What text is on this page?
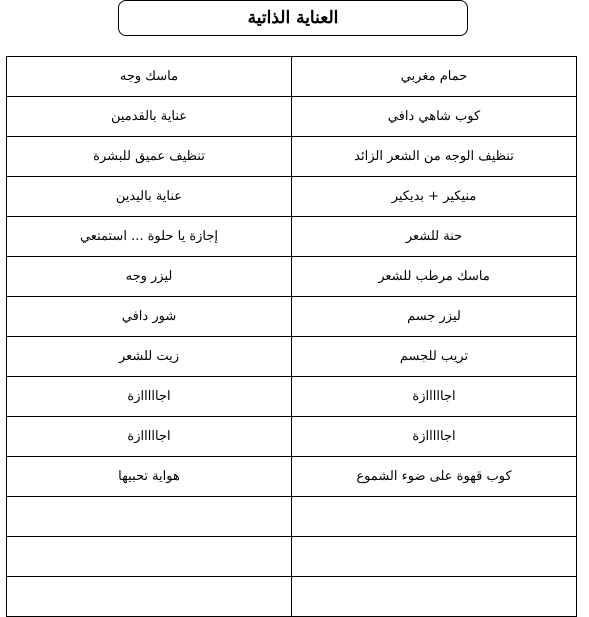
العناية الذاتية
حمام مغربي	ماسك وجه
كوب شاهي دافي	عناية بالقدمين
تنظيف الوجه من الشعر الزائد	تنظيف عميق للبشرة
منيكير + بديكير	عناية باليدين
حنة للشعر	إجازة يا حلوة ... استمتعي
ماسك مرطب للشعر	ليزر وجه
ليزر جسم	شور دافي
تريب للجسم	زيت للشعر
اجااااازة	اجااااازة
اجااااازة	اجااااازة
كوب قهوة على ضوء الشموع	هواية تحبيها
